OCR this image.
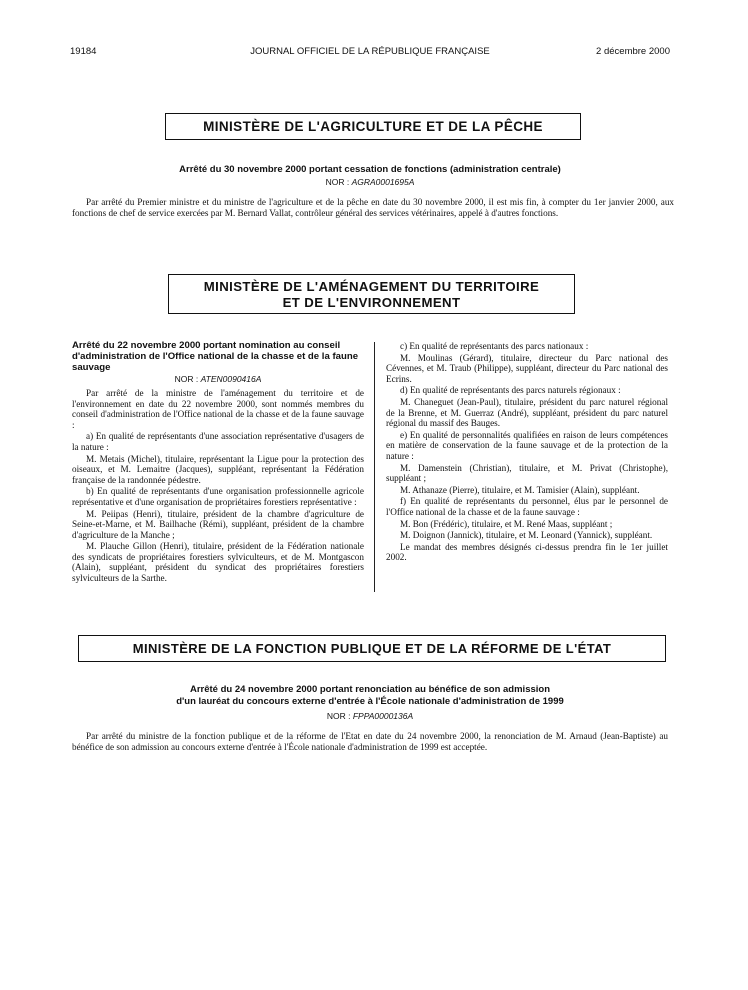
19184	JOURNAL OFFICIEL DE LA RÉPUBLIQUE FRANÇAISE	2 décembre 2000
MINISTÈRE DE L'AGRICULTURE ET DE LA PÊCHE
Arrêté du 30 novembre 2000 portant cessation de fonctions (administration centrale)
NOR : AGRA0001695A

Par arrêté du Premier ministre et du ministre de l'agriculture et de la pêche en date du 30 novembre 2000, il est mis fin, à compter du 1er janvier 2000, aux fonctions de chef de service exercées par M. Bernard Vallat, contrôleur général des services vétérinaires, appelé à d'autres fonctions.

MINISTÈRE DE L'AMÉNAGEMENT DU TERRITOIRE
ET DE L'ENVIRONNEMENT

Arrêté du 22 novembre 2000 portant nomination au conseil d'administration de l'Office national de la chasse et de la faune sauvage

NOR : ATEN0090416A

Par arrêté de la ministre de l'aménagement du territoire et de l'environnement en date du 22 novembre 2000, sont nommés membres du conseil d'administration de l'Office national de la chasse et de la faune sauvage :

a) En qualité de représentants d'une association représentative d'usagers de la nature :

M. Metais (Michel), titulaire, représentant la Ligue pour la protection des oiseaux, et M. Lemaitre (Jacques), suppléant, représentant la Fédération française de la randonnée pédestre.

b) En qualité de représentants d'une organisation professionnelle agricole représentative et d'une organisation de propriétaires forestiers représentative :

M. Peiipas (Henri), titulaire, président de la chambre d'agriculture de Seine-et-Marne, et M. Bailhache (Rémi), suppléant, président de la chambre d'agriculture de la Manche ;

M. Plauche Gillon (Henri), titulaire, président de la Fédération nationale des syndicats de propriétaires forestiers sylviculteurs, et de M. Montgascon (Alain), suppléant, président du syndicat des propriétaires forestiers sylviculteurs de la Sarthe.

c) En qualité de représentants des parcs nationaux :

M. Moulinas (Gérard), titulaire, directeur du Parc national des Cévennes, et M. Traub (Philippe), suppléant, directeur du Parc national des Ecrins.

d) En qualité de représentants des parcs naturels régionaux :

M. Chaneguet (Jean-Paul), titulaire, président du parc naturel régional de la Brenne, et M. Guerraz (André), suppléant, président du parc naturel régional du massif des Bauges.

e) En qualité de personnalités qualifiées en raison de leurs compétences en matière de conservation de la faune sauvage et de la protection de la nature :

M. Damenstein (Christian), titulaire, et M. Privat (Christophe), suppléant ;

M. Athanaze (Pierre), titulaire, et M. Tamisier (Alain), suppléant.

f) En qualité de représentants du personnel, élus par le personnel de l'Office national de la chasse et de la faune sauvage :

M. Bon (Frédéric), titulaire, et M. René Maas, suppléant ;

M. Doignon (Jannick), titulaire, et M. Leonard (Yannick), suppléant.

Le mandat des membres désignés ci-dessus prendra fin le 1er juillet 2002.

MINISTÈRE DE LA FONCTION PUBLIQUE ET DE LA RÉFORME DE L'ÉTAT
Arrêté du 24 novembre 2000 portant renonciation au bénéfice de son admission
d'un lauréat du concours externe d'entrée à l'École nationale d'administration de 1999
NOR : FPPA0000136A

Par arrêté du ministre de la fonction publique et de la réforme de l'Etat en date du 24 novembre 2000, la renonciation de M. Arnaud (Jean-Baptiste) au bénéfice de son admission au concours externe d'entrée à l'École nationale d'administration de 1999 est acceptée.
